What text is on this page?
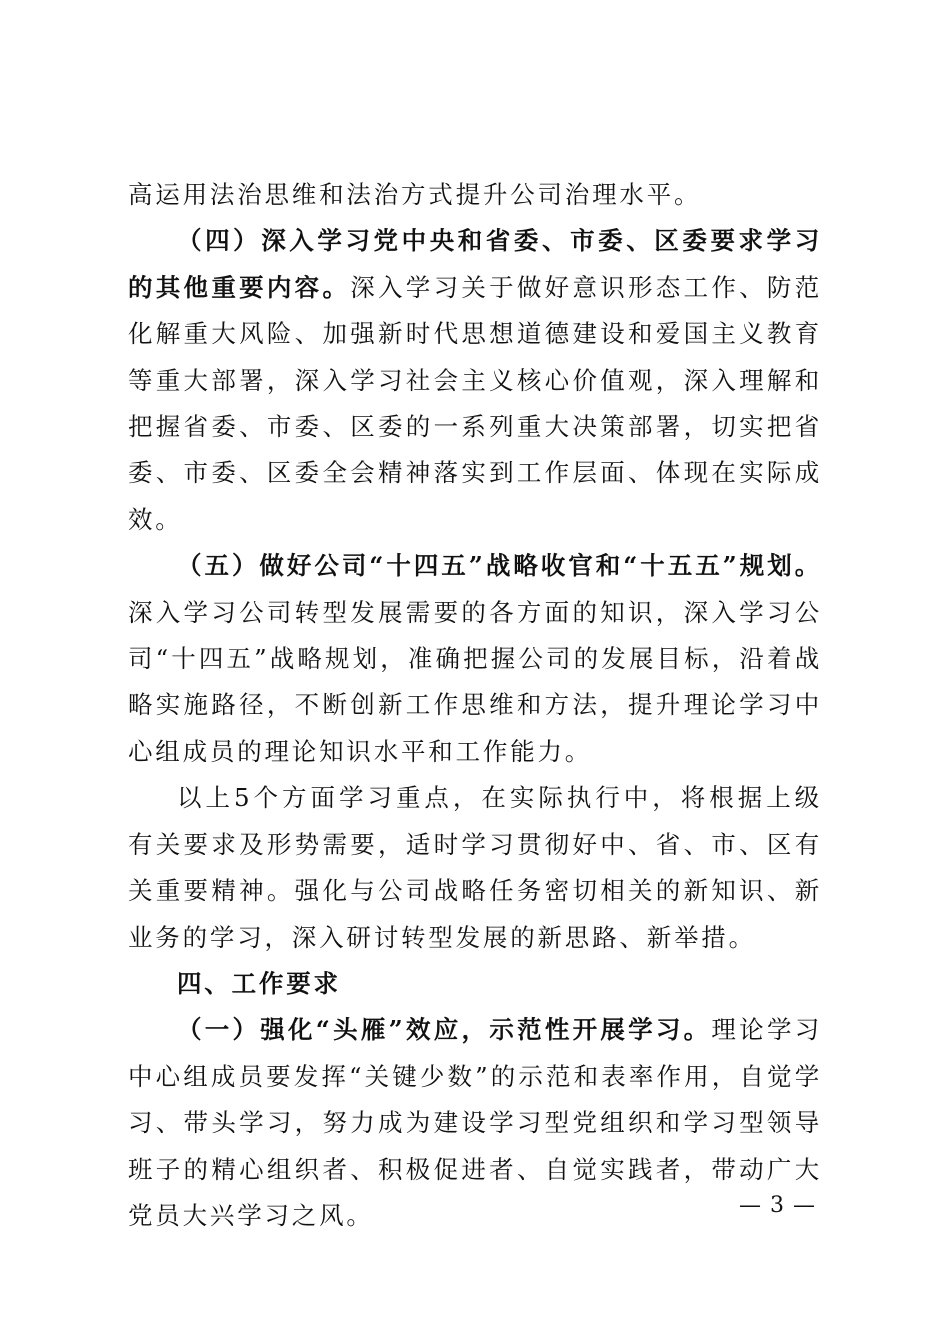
高运用法治思维和法治方式提升公司治理水平。

（四）深入学习党中央和省委、市委、区委要求学习的其他重要内容。深入学习关于做好意识形态工作、防范化解重大风险、加强新时代思想道德建设和爱国主义教育等重大部署，深入学习社会主义核心价值观，深入理解和把握省委、市委、区委的一系列重大决策部署，切实把省委、市委、区委全会精神落实到工作层面、体现在实际成效。

（五）做好公司“十四五”战略收官和“十五五”规划。深入学习公司转型发展需要的各方面的知识，深入学习公司“十四五”战略规划，准确把握公司的发展目标，沿着战略实施路径，不断创新工作思维和方法，提升理论学习中心组成员的理论知识水平和工作能力。

以上5个方面学习重点，在实际执行中，将根据上级有关要求及形势需要，适时学习贯彻好中、省、市、区有关重要精神。强化与公司战略任务密切相关的新知识、新业务的学习，深入研讨转型发展的新思路、新举措。

四、工作要求

（一）强化“头雁”效应，示范性开展学习。理论学习中心组成员要发挥“关键少数”的示范和表率作用，自觉学习、带头学习，努力成为建设学习型党组织和学习型领导班子的精心组织者、积极促进者、自觉实践者，带动广大党员大兴学习之风。	— 3 —
